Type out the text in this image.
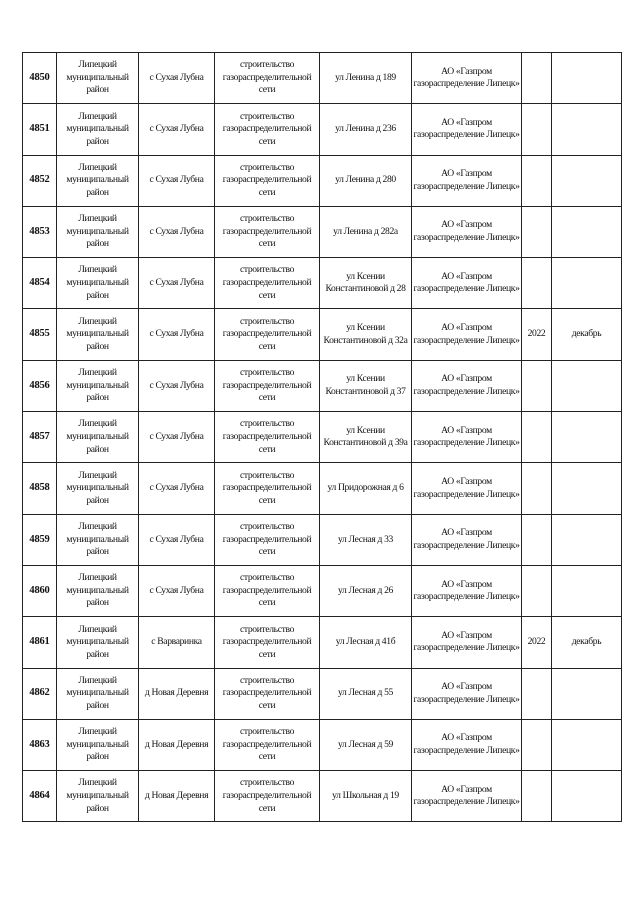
4850	Липецкий муниципальный район	с Сухая Лубна	строительство газораспределительной сети	ул Ленина д 189	АО «Газпром газораспределение Липецк»		
4851	Липецкий муниципальный район	с Сухая Лубна	строительство газораспределительной сети	ул Ленина д 236	АО «Газпром газораспределение Липецк»		
4852	Липецкий муниципальный район	с Сухая Лубна	строительство газораспределительной сети	ул Ленина д 280	АО «Газпром газораспределение Липецк»		
4853	Липецкий муниципальный район	с Сухая Лубна	строительство газораспределительной сети	ул Ленина д 282а	АО «Газпром газораспределение Липецк»		
4854	Липецкий муниципальный район	с Сухая Лубна	строительство газораспределительной сети	ул Ксении Константиновой д 28	АО «Газпром газораспределение Липецк»		
4855	Липецкий муниципальный район	с Сухая Лубна	строительство газораспределительной сети	ул Ксении Константиновой д 32а	АО «Газпром газораспределение Липецк»	2022	декабрь
4856	Липецкий муниципальный район	с Сухая Лубна	строительство газораспределительной сети	ул Ксении Константиновой д 37	АО «Газпром газораспределение Липецк»		
4857	Липецкий муниципальный район	с Сухая Лубна	строительство газораспределительной сети	ул Ксении Константиновой д 39а	АО «Газпром газораспределение Липецк»		
4858	Липецкий муниципальный район	с Сухая Лубна	строительство газораспределительной сети	ул Придорожная д 6	АО «Газпром газораспределение Липецк»		
4859	Липецкий муниципальный район	с Сухая Лубна	строительство газораспределительной сети	ул Лесная д 33	АО «Газпром газораспределение Липецк»		
4860	Липецкий муниципальный район	с Сухая Лубна	строительство газораспределительной сети	ул Лесная д 26	АО «Газпром газораспределение Липецк»		
4861	Липецкий муниципальный район	с Варваринка	строительство газораспределительной сети	ул Лесная д 41б	АО «Газпром газораспределение Липецк»	2022	декабрь
4862	Липецкий муниципальный район	д Новая Деревня	строительство газораспределительной сети	ул Лесная д 55	АО «Газпром газораспределение Липецк»		
4863	Липецкий муниципальный район	д Новая Деревня	строительство газораспределительной сети	ул Лесная д 59	АО «Газпром газораспределение Липецк»		
4864	Липецкий муниципальный район	д Новая Деревня	строительство газораспределительной сети	ул Школьная д 19	АО «Газпром газораспределение Липецк»		
